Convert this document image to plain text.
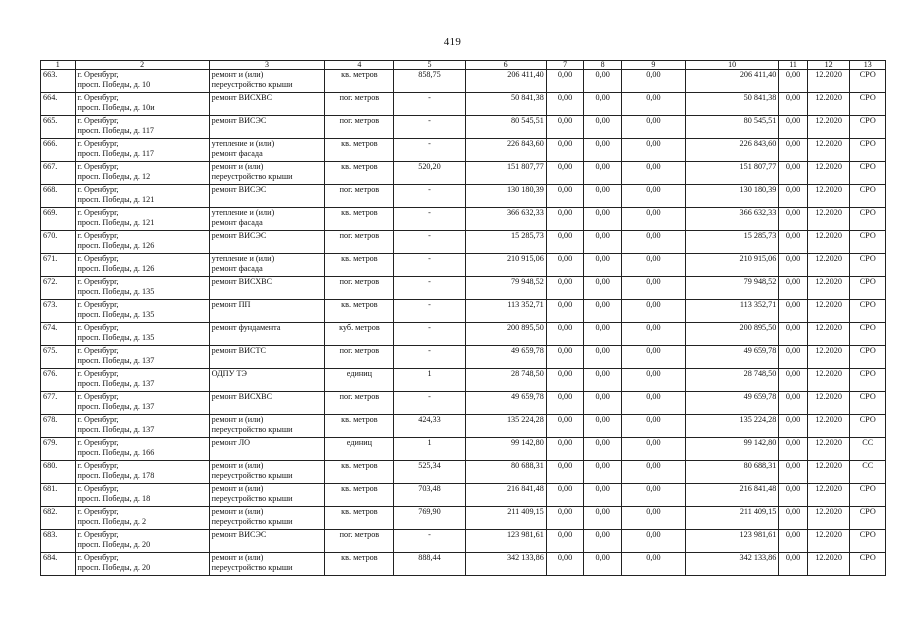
419
1	2	3	4	5	6	7	8	9	10	11	12	13
663.	г. Оренбург,
просп. Победы, д. 10	ремонт и (или)
переустройство крыши	кв. метров	858,75	206 411,40	0,00	0,00	0,00	206 411,40	0,00	12.2020	СРО
664.	г. Оренбург,
просп. Победы, д. 10и	ремонт ВИСХВС	пог. метров	-	50 841,38	0,00	0,00	0,00	50 841,38	0,00	12.2020	СРО
665.	г. Оренбург,
просп. Победы, д. 117	ремонт ВИСЭС	пог. метров	-	80 545,51	0,00	0,00	0,00	80 545,51	0,00	12.2020	СРО
666.	г. Оренбург,
просп. Победы, д. 117	утепление и (или)
ремонт фасада	кв. метров	-	226 843,60	0,00	0,00	0,00	226 843,60	0,00	12.2020	СРО
667.	г. Оренбург,
просп. Победы, д. 12	ремонт и (или)
переустройство крыши	кв. метров	520,20	151 807,77	0,00	0,00	0,00	151 807,77	0,00	12.2020	СРО
668.	г. Оренбург,
просп. Победы, д. 121	ремонт ВИСЭС	пог. метров	-	130 180,39	0,00	0,00	0,00	130 180,39	0,00	12.2020	СРО
669.	г. Оренбург,
просп. Победы, д. 121	утепление и (или)
ремонт фасада	кв. метров	-	366 632,33	0,00	0,00	0,00	366 632,33	0,00	12.2020	СРО
670.	г. Оренбург,
просп. Победы, д. 126	ремонт ВИСЭС	пог. метров	-	15 285,73	0,00	0,00	0,00	15 285,73	0,00	12.2020	СРО
671.	г. Оренбург,
просп. Победы, д. 126	утепление и (или)
ремонт фасада	кв. метров	-	210 915,06	0,00	0,00	0,00	210 915,06	0,00	12.2020	СРО
672.	г. Оренбург,
просп. Победы, д. 135	ремонт ВИСХВС	пог. метров	-	79 948,52	0,00	0,00	0,00	79 948,52	0,00	12.2020	СРО
673.	г. Оренбург,
просп. Победы, д. 135	ремонт ПП	кв. метров	-	113 352,71	0,00	0,00	0,00	113 352,71	0,00	12.2020	СРО
674.	г. Оренбург,
просп. Победы, д. 135	ремонт фундамента	куб. метров	-	200 895,50	0,00	0,00	0,00	200 895,50	0,00	12.2020	СРО
675.	г. Оренбург,
просп. Победы, д. 137	ремонт ВИСТС	пог. метров	-	49 659,78	0,00	0,00	0,00	49 659,78	0,00	12.2020	СРО
676.	г. Оренбург,
просп. Победы, д. 137	ОДПУ ТЭ	единиц	1	28 748,50	0,00	0,00	0,00	28 748,50	0,00	12.2020	СРО
677.	г. Оренбург,
просп. Победы, д. 137	ремонт ВИСХВС	пог. метров	-	49 659,78	0,00	0,00	0,00	49 659,78	0,00	12.2020	СРО
678.	г. Оренбург,
просп. Победы, д. 137	ремонт и (или)
переустройство крыши	кв. метров	424,33	135 224,28	0,00	0,00	0,00	135 224,28	0,00	12.2020	СРО
679.	г. Оренбург,
просп. Победы, д. 166	ремонт ЛО	единиц	1	99 142,80	0,00	0,00	0,00	99 142,80	0,00	12.2020	СС
680.	г. Оренбург,
просп. Победы, д. 178	ремонт и (или)
переустройство крыши	кв. метров	525,34	80 688,31	0,00	0,00	0,00	80 688,31	0,00	12.2020	СС
681.	г. Оренбург,
просп. Победы, д. 18	ремонт и (или)
переустройство крыши	кв. метров	703,48	216 841,48	0,00	0,00	0,00	216 841,48	0,00	12.2020	СРО
682.	г. Оренбург,
просп. Победы, д. 2	ремонт и (или)
переустройство крыши	кв. метров	769,90	211 409,15	0,00	0,00	0,00	211 409,15	0,00	12.2020	СРО
683.	г. Оренбург,
просп. Победы, д. 20	ремонт ВИСЭС	пог. метров	-	123 981,61	0,00	0,00	0,00	123 981,61	0,00	12.2020	СРО
684.	г. Оренбург,
просп. Победы, д. 20	ремонт и (или)
переустройство крыши	кв. метров	888,44	342 133,86	0,00	0,00	0,00	342 133,86	0,00	12.2020	СРО
